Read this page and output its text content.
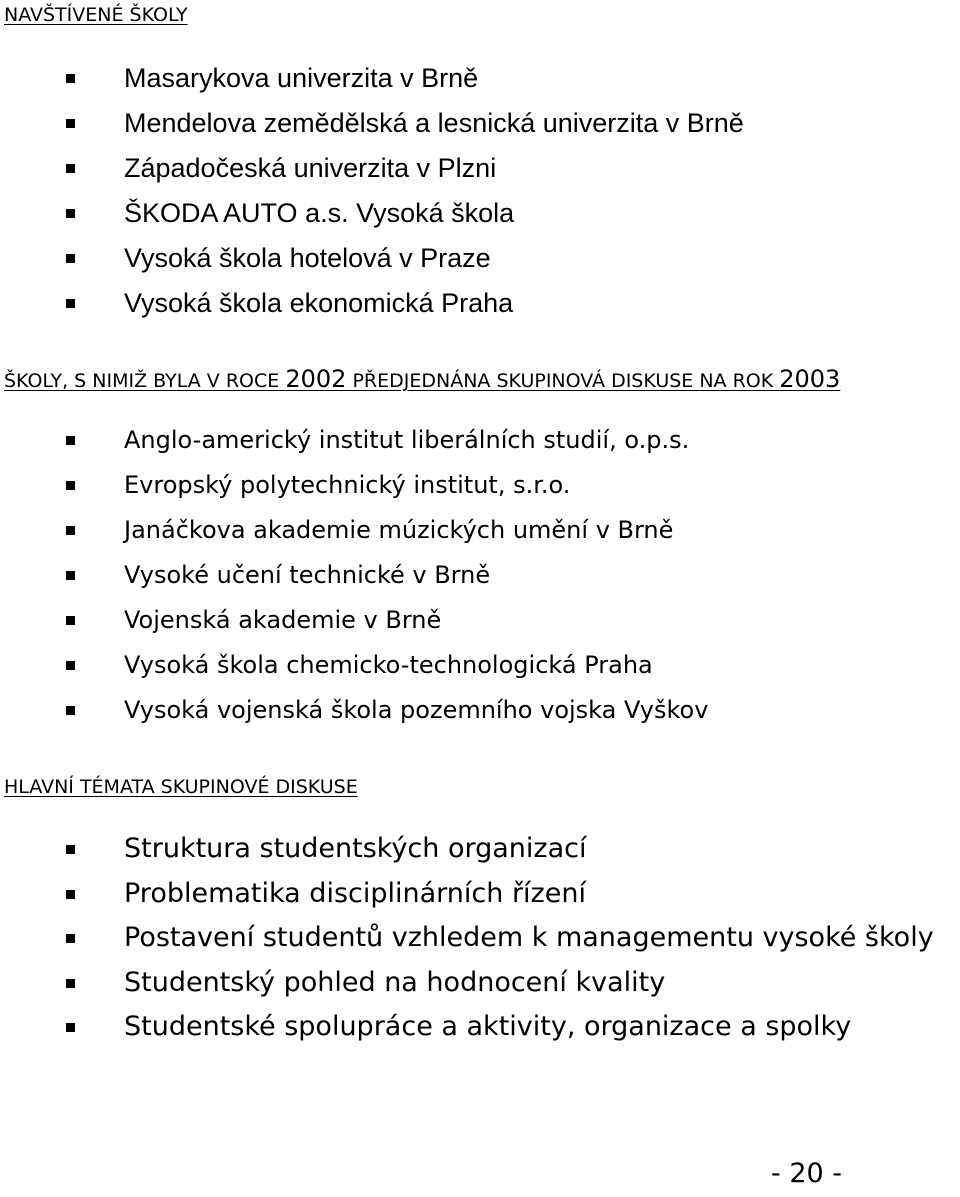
NAVŠTÍVENÉ ŠKOLY
Masarykova univerzita v Brně
Mendelova zemědělská a lesnická univerzita v Brně
Západočeská univerzita v Plzni
ŠKODA AUTO a.s. Vysoká škola
Vysoká škola hotelová v Praze
Vysoká škola ekonomická Praha
ŠKOLY, S NIMIŽ BYLA V ROCE 2002 PŘEDJEDNÁNA SKUPINOVÁ DISKUSE NA ROK 2003
Anglo-americký institut liberálních studií, o.p.s.
Evropský polytechnický institut, s.r.o.
Janáčkova akademie múzických umění v Brně
Vysoké učení technické v Brně
Vojenská akademie v Brně
Vysoká škola chemicko-technologická Praha
Vysoká vojenská škola pozemního vojska Vyškov
HLAVNÍ TÉMATA SKUPINOVÉ DISKUSE
Struktura studentských organizací
Problematika disciplinárních řízení
Postavení studentů vzhledem k managementu vysoké školy
Studentský pohled na hodnocení kvality
Studentské spolupráce a aktivity, organizace a spolky
- 20 -
